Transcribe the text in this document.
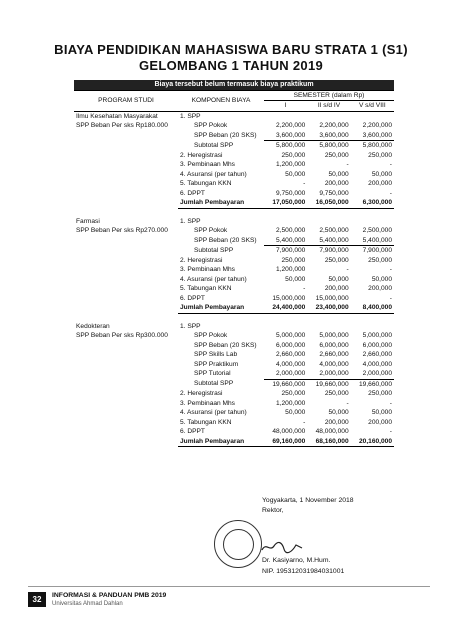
BIAYA PENDIDIKAN MAHASISWA BARU STRATA 1 (S1)
GELOMBANG 1 TAHUN 2019
Biaya tersebut belum termasuk biaya praktikum				
PROGRAM STUDI	KOMPONEN BIAYA	SEMESTER (dalam Rp)		
		I	II s/d IV	V s/d VIII
Ilmu Kesehatan Masyarakat	1. SPP			
SPP Beban Per sks Rp180.000	SPP Pokok	2,200,000	2,200,000	2,200,000
	SPP Beban (20 SKS)	3,600,000	3,600,000	3,600,000
	Subtotal SPP	5,800,000	5,800,000	5,800,000
	2. Heregistrasi	250,000	250,000	250,000
	3. Pembinaan Mhs	1,200,000	-	-
	4. Asuransi (per tahun)	50,000	50,000	50,000
	5. Tabungan KKN	-	200,000	200,000
	6. DPPT	9,750,000	9,750,000	-
	Jumlah Pembayaran	17,050,000	16,050,000	6,300,000

Farmasi	1. SPP			
SPP Beban Per sks Rp270.000	SPP Pokok	2,500,000	2,500,000	2,500,000
	SPP Beban (20 SKS)	5,400,000	5,400,000	5,400,000
	Subtotal SPP	7,900,000	7,900,000	7,900,000
	2. Heregistrasi	250,000	250,000	250,000
	3. Pembinaan Mhs	1,200,000	-	-
	4. Asuransi (per tahun)	50,000	50,000	50,000
	5. Tabungan KKN	-	200,000	200,000
	6. DPPT	15,000,000	15,000,000	-
	Jumlah Pembayaran	24,400,000	23,400,000	8,400,000

Kedokteran	1. SPP			
SPP Beban Per sks Rp300.000	SPP Pokok	5,000,000	5,000,000	5,000,000
	SPP Beban (20 SKS)	6,000,000	6,000,000	6,000,000
	SPP Skills Lab	2,660,000	2,660,000	2,660,000
	SPP Praktikum	4,000,000	4,000,000	4,000,000
	SPP Tutorial	2,000,000	2,000,000	2,000,000
	Subtotal SPP	19,660,000	19,660,000	19,660,000
	2. Heregistrasi	250,000	250,000	250,000
	3. Pembinaan Mhs	1,200,000	-	-
	4. Asuransi (per tahun)	50,000	50,000	50,000
	5. Tabungan KKN	-	200,000	200,000
	6. DPPT	48,000,000	48,000,000	-
	Jumlah Pembayaran	69,160,000	68,160,000	20,160,000
Yogyakarta, 1 November 2018
Rektor,
Dr. Kasiyarno, M.Hum.
NIP. 195312031984031001
32	INFORMASI & PANDUAN PMB 2019
Universitas Ahmad Dahlan
